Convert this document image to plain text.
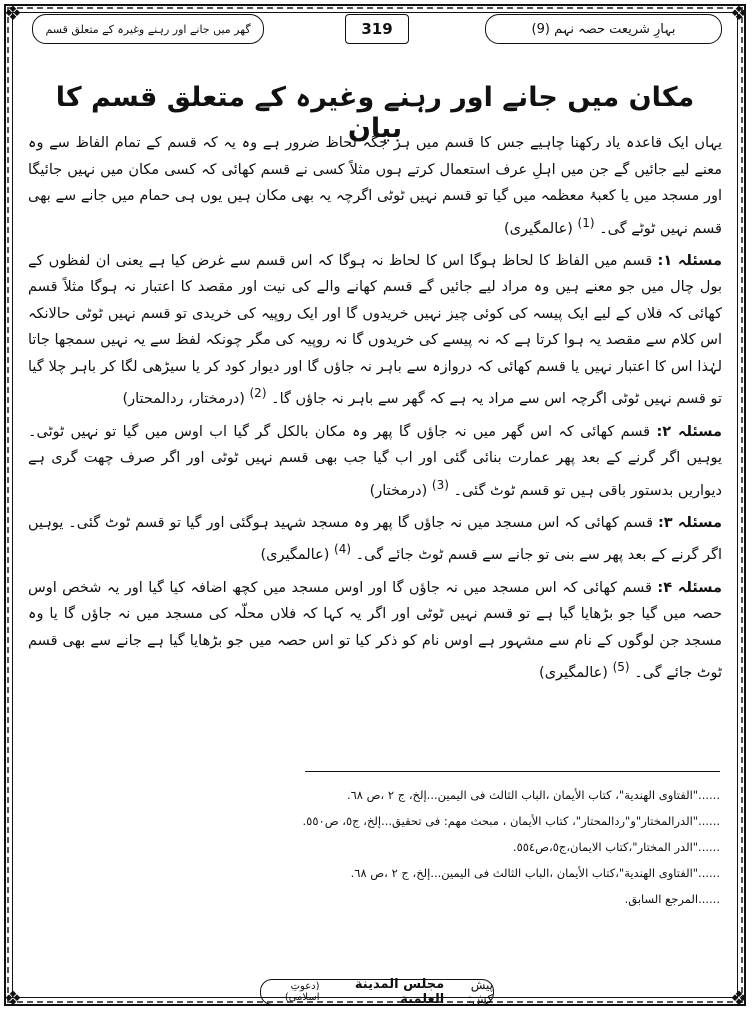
❖	❖
❖	❖
بہارِ شریعت حصہ نہم (9)
319
گھر میں جانے اور رہنے وغیرہ کے متعلق قسم
مکان میں جانے اور رہنے وغیرہ کے متعلق قسم کا بیان

یہاں ایک قاعدہ یاد رکھنا چاہیے جس کا قسم میں ہر جگہ لحاظ ضرور ہے وہ یہ کہ قسم کے تمام الفاظ سے وہ معنے لیے جائیں گے جن میں اہلِ عرف استعمال کرتے ہوں مثلاً کسی نے قسم کھائی کہ کسی مکان میں نہیں جائیگا اور مسجد میں یا کعبۂ معظمہ میں گیا تو قسم نہیں ٹوٹی اگرچہ یہ بھی مکان ہیں یوں ہی حمام میں جانے سے بھی قسم نہیں ٹوٹے گی۔ $^{(1)}$ (عالمگیری)

مسئلہ ۱: قسم میں الفاظ کا لحاظ ہوگا اس کا لحاظ نہ ہوگا کہ اس قسم سے غرض کیا ہے یعنی ان لفظوں کے بول چال میں جو معنے ہیں وہ مراد لیے جائیں گے قسم کھانے والے کی نیت اور مقصد کا اعتبار نہ ہوگا مثلاً قسم کھائی کہ فلاں کے لیے ایک پیسہ کی کوئی چیز نہیں خریدوں گا اور ایک روپیہ کی خریدی تو قسم نہیں ٹوٹی حالانکہ اس کلام سے مقصد یہ ہوا کرتا ہے کہ نہ پیسے کی خریدوں گا نہ روپیہ کی مگر چونکہ لفظ سے یہ نہیں سمجھا جاتا لہٰذا اس کا اعتبار نہیں یا قسم کھائی کہ دروازہ سے باہر نہ جاؤں گا اور دیوار کود کر یا سیڑھی لگا کر باہر چلا گیا تو قسم نہیں ٹوٹی اگرچہ اس سے مراد یہ ہے کہ گھر سے باہر نہ جاؤں گا۔ $^{(2)}$ (درمختار، ردالمحتار)

مسئلہ ۲: قسم کھائی کہ اس گھر میں نہ جاؤں گا پھر وہ مکان بالکل گر گیا اب اوس میں گیا تو نہیں ٹوٹی۔ یوہیں اگر گرنے کے بعد پھر عمارت بنائی گئی اور اب گیا جب بھی قسم نہیں ٹوٹی اور اگر صرف چھت گری ہے دیواریں بدستور باقی ہیں تو قسم ٹوٹ گئی۔ $^{(3)}$ (درمختار)

مسئلہ ۳: قسم کھائی کہ اس مسجد میں نہ جاؤں گا پھر وہ مسجد شہید ہوگئی اور گیا تو قسم ٹوٹ گئی۔ یوہیں اگر گرنے کے بعد پھر سے بنی تو جانے سے قسم ٹوٹ جائے گی۔ $^{(4)}$ (عالمگیری)

مسئلہ ۴: قسم کھائی کہ اس مسجد میں نہ جاؤں گا اور اوس مسجد میں کچھ اضافہ کیا گیا اور یہ شخص اوس حصہ میں گیا جو بڑھایا گیا ہے تو قسم نہیں ٹوٹی اور اگر یہ کہا کہ فلاں محلّہ کی مسجد میں نہ جاؤں گا یا وہ مسجد جن لوگوں کے نام سے مشہور ہے اوس نام کو ذکر کیا تو اس حصہ میں جو بڑھایا گیا ہے جانے سے بھی قسم ٹوٹ جائے گی۔ $^{(5)}$ (عالمگیری)

......"الفتاوی الهندية"، كتاب الأيمان ،الباب الثالث فی اليمين...إلخ، ج ٢ ،ص ٦٨.
......"الدرالمختار"و"ردالمحتار"، كتاب الأيمان ، مبحث مهم: فی تحقيق...إلخ، ج٥، ص٥٥٠.
......"الدر المختار"،كتاب الايمان،ج٥،ص٥٥٤.
......"الفتاوی الهندية"،كتاب الأيمان ،الباب الثالث فی اليمين...إلخ، ج ٢ ،ص ٦٨.
......المرجع السابق.
پیش کش:
مجلس المدينة العلمية
(دعوتِ اسلامی)
